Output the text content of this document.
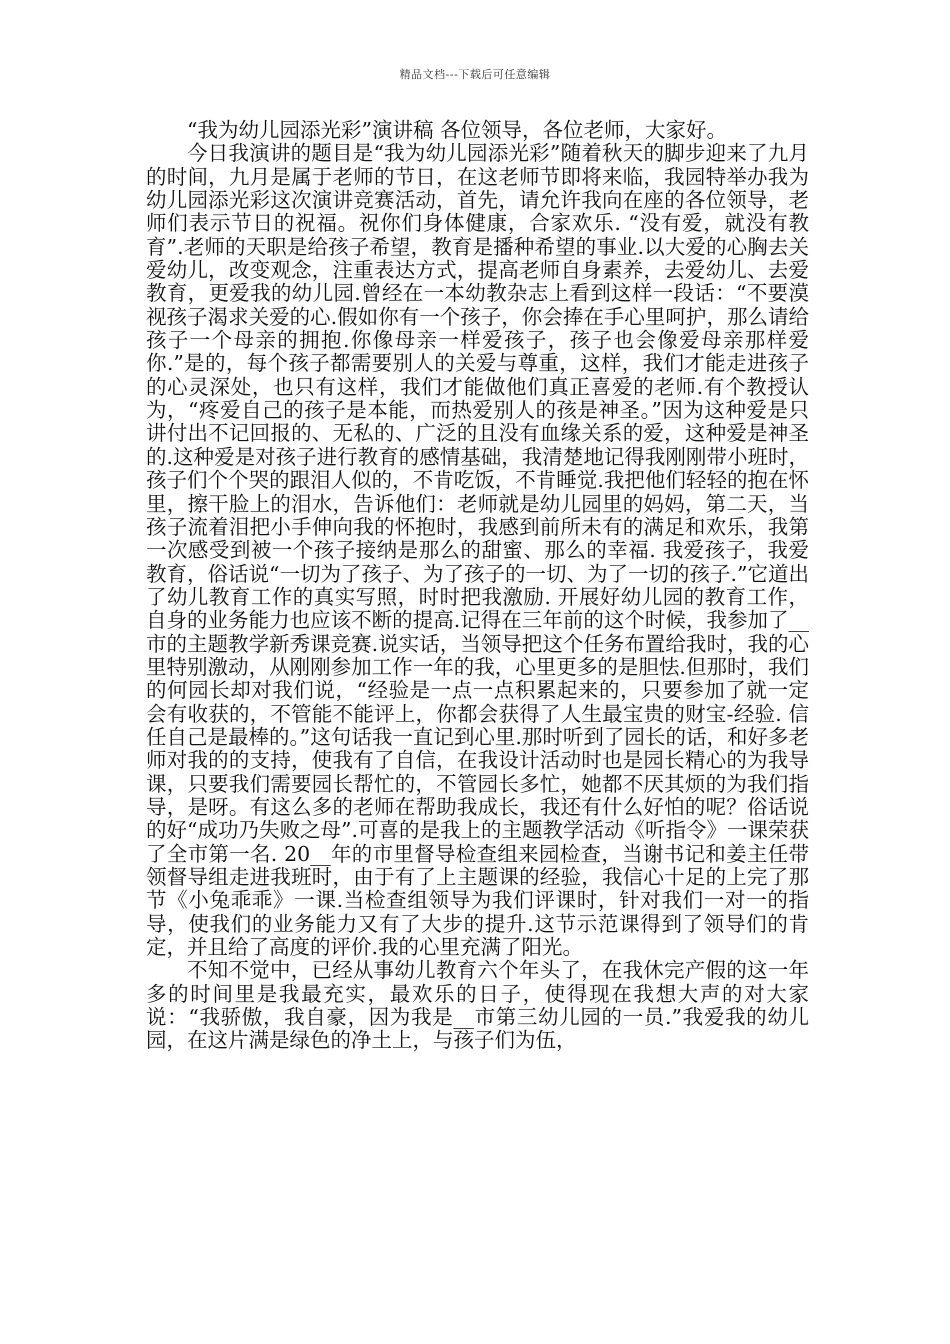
精品文档---下载后可任意编辑

“我为幼儿园添光彩”演讲稿 各位领导，各位老师，大家好。

今日我演讲的题目是“我为幼儿园添光彩”随着秋天的脚步迎来了九月的时间，九月是属于老师的节日，在这老师节即将来临，我园特举办我为幼儿园添光彩这次演讲竞赛活动，首先，请允许我向在座的各位领导，老师们表示节日的祝福。祝你们身体健康，合家欢乐. “没有爱，就没有教育”.老师的天职是给孩子希望，教育是播种希望的事业.以大爱的心胸去关爱幼儿，改变观念，注重表达方式，提高老师自身素养，去爱幼儿、去爱教育，更爱我的幼儿园.曾经在一本幼教杂志上看到这样一段话：“不要漠视孩子渴求关爱的心.假如你有一个孩子，你会捧在手心里呵护，那么请给孩子一个母亲的拥抱.你像母亲一样爱孩子，孩子也会像爱母亲那样爱你.”是的，每个孩子都需要别人的关爱与尊重，这样，我们才能走进孩子的心灵深处，也只有这样，我们才能做他们真正喜爱的老师.有个教授认为，“疼爱自己的孩子是本能，而热爱别人的孩是神圣。”因为这种爱是只讲付出不记回报的、无私的、广泛的且没有血缘关系的爱，这种爱是神圣的.这种爱是对孩子进行教育的感情基础，我清楚地记得我刚刚带小班时，孩子们个个哭的跟泪人似的，不肯吃饭，不肯睡觉.我把他们轻轻的抱在怀里，擦干脸上的泪水，告诉他们：老师就是幼儿园里的妈妈，第二天，当孩子流着泪把小手伸向我的怀抱时，我感到前所未有的满足和欢乐，我第一次感受到被一个孩子接纳是那么的甜蜜、那么的幸福. 我爱孩子，我爱教育，俗话说“一切为了孩子、为了孩子的一切、为了一切的孩子.”它道出了幼儿教育工作的真实写照，时时把我激励. 开展好幼儿园的教育工作，自身的业务能力也应该不断的提高.记得在三年前的这个时候，我参加了__市的主题教学新秀课竞赛.说实话，当领导把这个任务布置给我时，我的心里特别激动，从刚刚参加工作一年的我，心里更多的是胆怯.但那时，我们的何园长却对我们说，“经验是一点一点积累起来的，只要参加了就一定会有收获的，不管能不能评上，你都会获得了人生最宝贵的财宝-经验. 信任自己是最棒的。”这句话我一直记到心里.那时听到了园长的话，和好多老师对我的的支持，使我有了自信，在我设计活动时也是园长精心的为我导课，只要我们需要园长帮忙的，不管园长多忙，她都不厌其烦的为我们指导，是呀。有这么多的老师在帮助我成长，我还有什么好怕的呢？俗话说的好“成功乃失败之母”.可喜的是我上的主题教学活动《听指令》一课荣获了全市第一名. 20__年的市里督导检查组来园检查，当谢书记和姜主任带领督导组走进我班时，由于有了上主题课的经验，我信心十足的上完了那节《小兔乖乖》一课.当检查组领导为我们评课时，针对我们一对一的指导，使我们的业务能力又有了大步的提升.这节示范课得到了领导们的肯定，并且给了高度的评价.我的心里充满了阳光。

不知不觉中，已经从事幼儿教育六个年头了，在我休完产假的这一年多的时间里是我最充实，最欢乐的日子，使得现在我想大声的对大家说：“我骄傲，我自豪，因为我是__市第三幼儿园的一员.”我爱我的幼儿园，在这片满是绿色的净土上，与孩子们为伍，
